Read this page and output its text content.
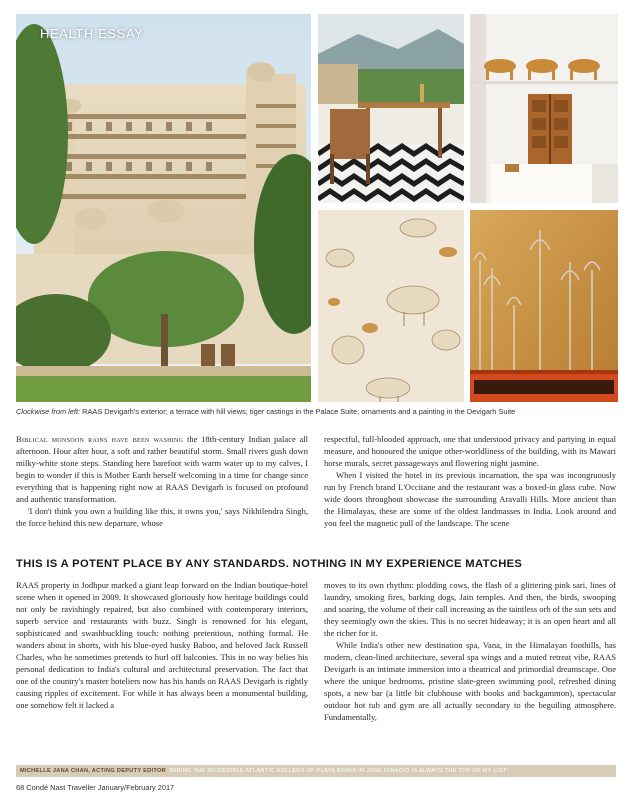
HEALTH ESSAY
Clockwise from left: RAAS Devigarh's exterior; a terrace with hill views; tiger castings in the Palace Suite; ornaments and a painting in the Devigarh Suite

Biblical monsoon rains have been washing the 18th-century Indian palace all afternoon. Hour after hour, a soft and rather beautiful storm. Small rivers gush down milky-white stone steps. Standing here barefoot with warm water up to my calves, I begin to wonder if this is Mother Earth herself welcoming in a time for change since everything that is happening right now at RAAS Devigarh is focused on profound and authentic transformation.

'I don't think you own a building like this, it owns you,' says Nikhilendra Singh, the force behind this new departure, whose

respectful, full-blooded approach, one that understood privacy and partying in equal measure, and honoured the unique other-worldliness of the building, with its Mawari horse murals, secret passageways and flowering night jasmine.

When I visited the hotel in its previous incarnation, the spa was incongruously run by French brand L'Occitane and the restaurant was a boxed-in glass cube. Now wide doors throughout showcase the surrounding Aravalli Hills. More ancient than the Himalayas, these are some of the oldest landmasses in India. Look around and you feel the magnetic pull of the landscape. The scene

THIS IS A POTENT PLACE BY ANY STANDARDS. NOTHING IN MY EXPERIENCE MATCHES

RAAS property in Jodhpur marked a giant leap forward on the Indian boutique-hotel scene when it opened in 2009. It showcased gloriously how heritage buildings could not only be ravishingly repaired, but also combined with contemporary interiors, superb service and restaurants with buzz. Singh is renowned for his elegant, sophisticated and swashbuckling touch: nothing pretentious, nothing formal. He wanders about in shorts, with his blue-eyed husky Baboo, and beloved Jack Russell Charles, who he sometimes pretends to hurl off balconies. This in no way belies his personal dedication to India's cultural and architectural preservation. The fact that one of the country's master hoteliers now has his hands on RAAS Devigarh is rightly causing ripples of excitement. For while it has always been a monumental building, one somehow felt it lacked a

moves to its own rhythm: plodding cows, the flash of a glittering pink sari, lines of laundry, smoking fires, barking dogs, Jain temples. And then, the birds, swooping and soaring, the volume of their call increasing as the taintless orb of the sun sets and they seemingly own the skies. This is no secret hideaway; it is an open heart and all the richer for it.

While India's other new destination spa, Vana, in the Himalayan foothills, has modern, clean-lined architecture, several spa wings and a muted retreat vibe, RAAS Devigarh is an intimate immersion into a theatrical and primordial dreamscape. One where the unique bedrooms, pristine slate-green swimming pool, refreshed dining spots, a new bar (a little bit clubhouse with books and backgammon), spectacular outdoor hot tub and gym are all actually secondary to the beguiling atmosphere. Fundamentally,

MICHELLE JANA CHAN, ACTING DEPUTY EDITOR 'RIDING THE INCREDIBLE ATLANTIC ROLLERS OF PLAYA BRAVA IN JOSE IGNACIO IS ALWAYS THE TOP OF MY LIST'
68 Condé Nast Traveller January/February 2017
